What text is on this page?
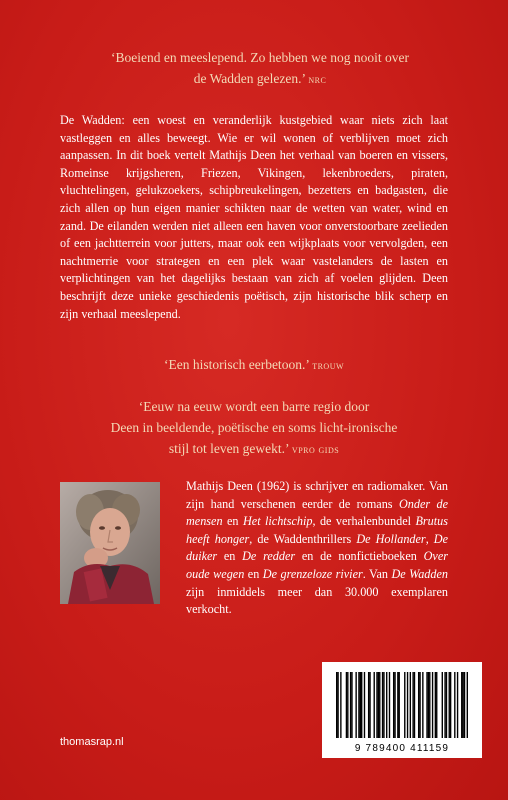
‘Boeiend en meeslepend. Zo hebben we nog nooit over
de Wadden gelezen.’ nrc
De Wadden: een woest en veranderlijk kustgebied waar niets zich laat vastleggen en alles beweegt. Wie er wil wonen of verblijven moet zich aanpassen. In dit boek vertelt Mathijs Deen het verhaal van boeren en vissers, Romeinse krijgsheren, Friezen, Vikingen, lekenbroeders, piraten, vluchtelingen, gelukzoekers, schipbreukelingen, bezetters en badgasten, die zich allen op hun eigen manier schikten naar de wetten van water, wind en zand. De eilanden werden niet alleen een haven voor onverstoorbare zeelieden of een jachtterrein voor jutters, maar ook een wijkplaats voor vervolgden, een nachtmerrie voor strategen en een plek waar vastelanders de lasten en verplichtingen van het dagelijks bestaan van zich af voelen glijden. Deen beschrijft deze unieke geschiedenis poëtisch, zijn historische blik scherp en zijn verhaal meeslepend.
‘Een historisch eerbetoon.’ trouw
‘Eeuw na eeuw wordt een barre regio door
Deen in beeldende, poëtische en soms licht-ironische
stijl tot leven gewekt.’ vpro gids
Mathijs Deen (1962) is schrijver en radiomaker. Van zijn hand verschenen eerder de romans Onder de mensen en Het lichtschip, de verhalenbundel Brutus heeft honger, de Waddenthrillers De Hollander, De duiker en De redder en de nonfictieboeken Over oude wegen en De grenzeloze rivier. Van De Wadden zijn inmiddels meer dan 30.000 exemplaren verkocht.
thomasrap.nl
9 789400 411159
